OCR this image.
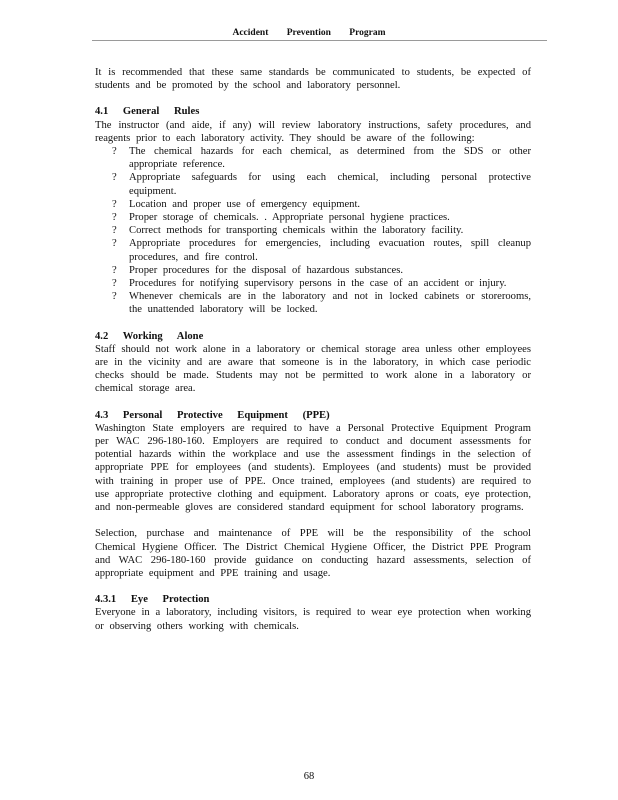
Accident Prevention Program

It is recommended that these same standards be communicated to students, be expected of students and be promoted by the school and laboratory personnel.

4.1 General Rules

The instructor (and aide, if any) will review laboratory instructions, safety procedures, and reagents prior to each laboratory activity. They should be aware of the following:

? The chemical hazards for each chemical, as determined from the SDS or other appropriate reference.
? Appropriate safeguards for using each chemical, including personal protective equipment.
? Location and proper use of emergency equipment.
? Proper storage of chemicals. . Appropriate personal hygiene practices.
? Correct methods for transporting chemicals within the laboratory facility.
? Appropriate procedures for emergencies, including evacuation routes, spill cleanup procedures, and fire control.
? Proper procedures for the disposal of hazardous substances.
? Procedures for notifying supervisory persons in the case of an accident or injury.
? Whenever chemicals are in the laboratory and not in locked cabinets or storerooms, the unattended laboratory will be locked.
4.2 Working Alone

Staff should not work alone in a laboratory or chemical storage area unless other employees are in the vicinity and are aware that someone is in the laboratory, in which case periodic checks should be made. Students may not be permitted to work alone in a laboratory or chemical storage area.

4.3 Personal Protective Equipment (PPE)

Washington State employers are required to have a Personal Protective Equipment Program per WAC 296-180-160. Employers are required to conduct and document assessments for potential hazards within the workplace and use the assessment findings in the selection of appropriate PPE for employees (and students). Employees (and students) must be provided with training in proper use of PPE. Once trained, employees (and students) are required to use appropriate protective clothing and equipment. Laboratory aprons or coats, eye protection, and non-permeable gloves are considered standard equipment for school laboratory programs.

Selection, purchase and maintenance of PPE will be the responsibility of the school Chemical Hygiene Officer. The District Chemical Hygiene Officer, the District PPE Program and WAC 296-180-160 provide guidance on conducting hazard assessments, selection of appropriate equipment and PPE training and usage.

4.3.1 Eye Protection

Everyone in a laboratory, including visitors, is required to wear eye protection when working or observing others working with chemicals.

68
